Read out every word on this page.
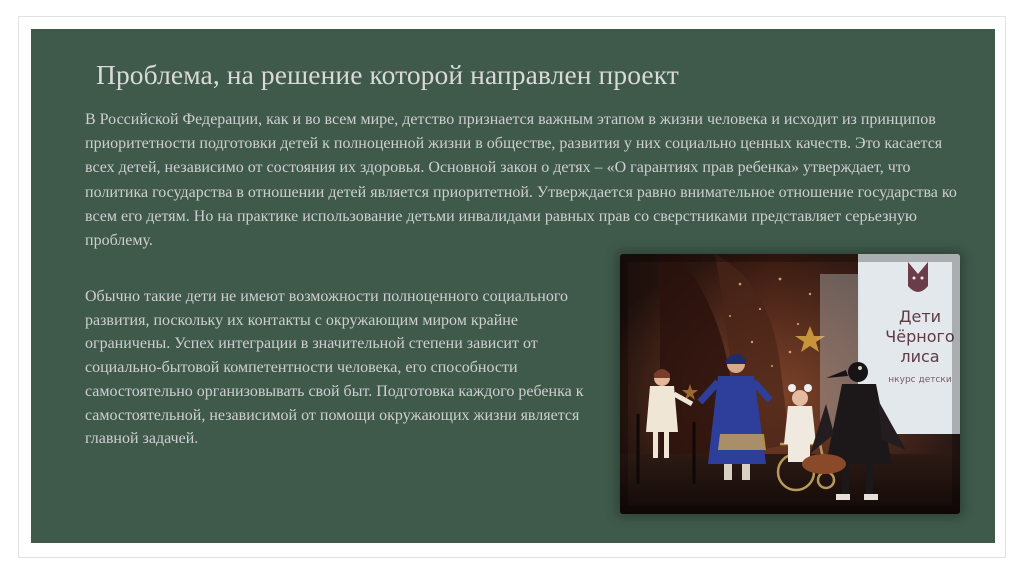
Проблема, на решение которой направлен проект

В Российской Федерации, как и во всем мире, детство признается важным этапом в жизни человека и исходит из принципов приоритетности подготовки детей к полноценной жизни в обществе, развития у них социально ценных качеств. Это касается всех детей, независимо от состояния их здоровья. Основной закон о детях – «О гарантиях прав ребенка» утверждает, что политика государства в отношении детей является приоритетной. Утверждается равно внимательное отношение государства ко всем его детям. Но на практике использование детьми инвалидами равных прав со сверстниками представляет серьезную проблему.

Обычно такие дети не имеют возможности полноценного социального развития, поскольку их контакты с окружающим миром крайне ограничены. Успех интеграции в значительной степени зависит от социально-бытовой компетентности человека, его способности самостоятельно организовывать свой быт. Подготовка каждого ребенка к самостоятельной, независимой от помощи окружающих жизни является главной задачей.

Дети
Чёрного
лиса
нкурс детски
